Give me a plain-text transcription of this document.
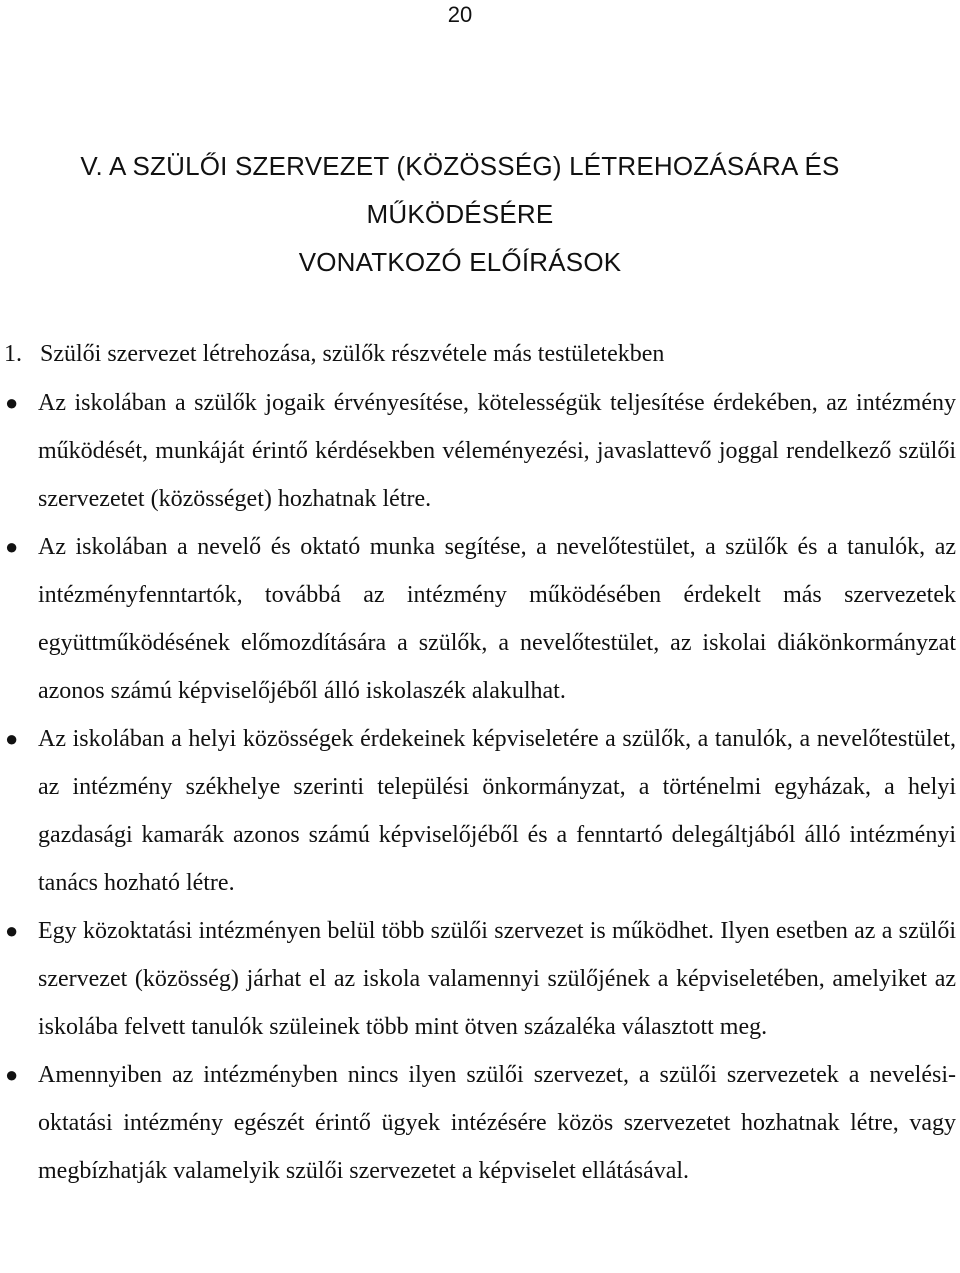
20
V. A SZÜLŐI SZERVEZET (KÖZÖSSÉG) LÉTREHOZÁSÁRA ÉS
MŰKÖDÉSÉRE
VONATKOZÓ ELŐÍRÁSOK
1. Szülői szervezet létrehozása, szülők részvétele más testületekben
● Az iskolában a szülők jogaik érvényesítése, kötelességük teljesítése érdekében, az intézmény működését, munkáját érintő kérdésekben véleményezési, javaslattevő joggal rendelkező szülői szervezetet (közösséget) hozhatnak létre.
● Az iskolában a nevelő és oktató munka segítése, a nevelőtestület, a szülők és a tanulók, az intézményfenntartók, továbbá az intézmény működésében érdekelt más szervezetek együttműködésének előmozdítására a szülők, a nevelőtestület, az iskolai diákönkormányzat azonos számú képviselőjéből álló iskolaszék alakulhat.
● Az iskolában a helyi közösségek érdekeinek képviseletére a szülők, a tanulók, a nevelőtestület, az intézmény székhelye szerinti települési önkormányzat, a történelmi egyházak, a helyi gazdasági kamarák azonos számú képviselőjéből és a fenntartó delegáltjából álló intézményi tanács hozható létre.
● Egy közoktatási intézményen belül több szülői szervezet is működhet. Ilyen esetben az a szülői szervezet (közösség) járhat el az iskola valamennyi szülőjének a képviseletében, amelyiket az iskolába felvett tanulók szüleinek több mint ötven százaléka választott meg.
● Amennyiben az intézményben nincs ilyen szülői szervezet, a szülői szervezetek a nevelési-oktatási intézmény egészét érintő ügyek intézésére közös szervezetet hozhatnak létre, vagy megbízhatják valamelyik szülői szervezetet a képviselet ellátásával.
